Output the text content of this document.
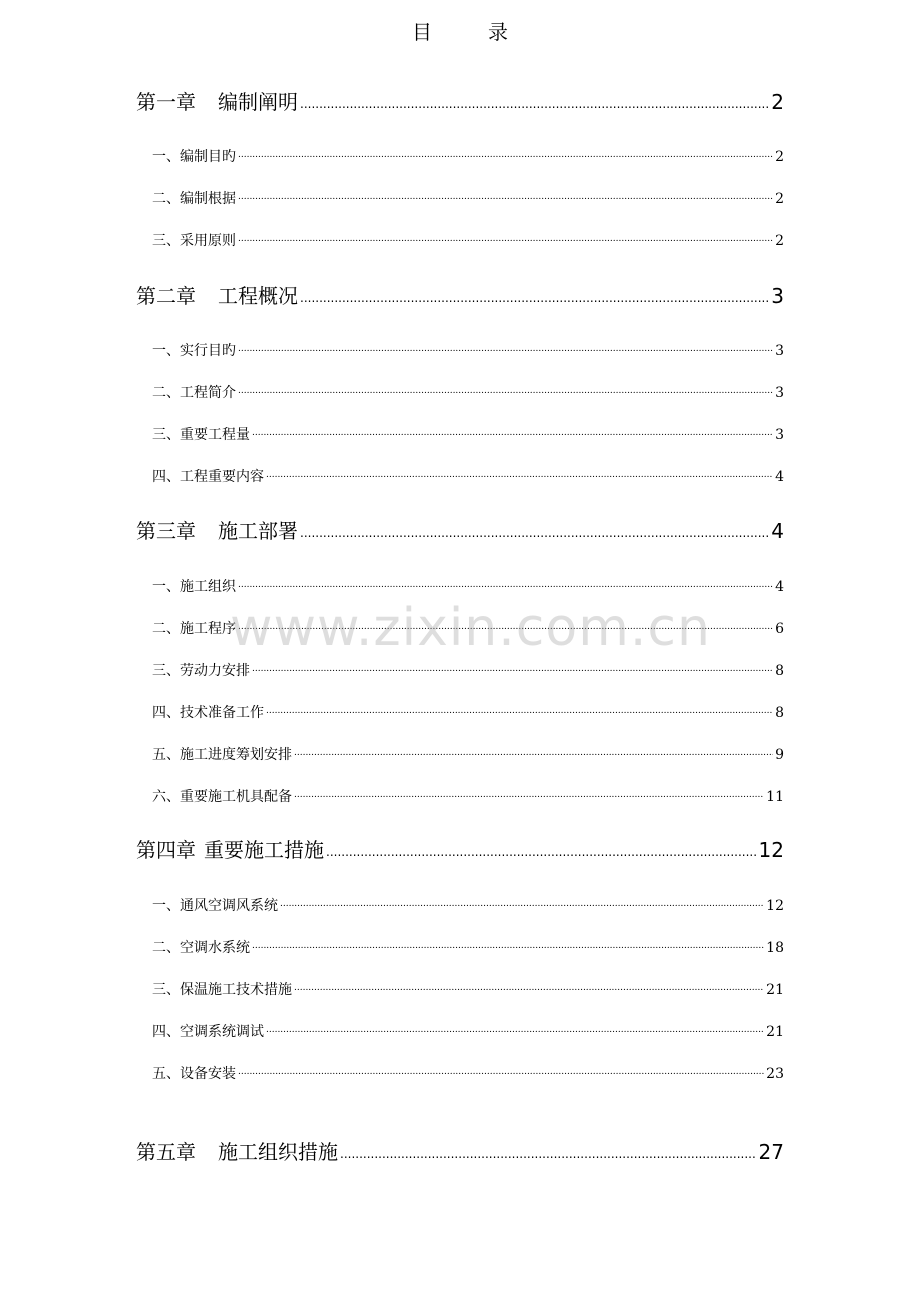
目　录
第一章 编制阐明 .....	2
一、编制目旳 .....	2
二、编制根据 .....	2
三、采用原则 .....	2
第二章 工程概况 .....	3
一、实行目旳 .....	3
二、工程简介 .....	3
三、重要工程量 .....	3
四、工程重要内容 .....	4
第三章 施工部署 .....	4
一、施工组织 .....	4
二、施工程序 .....	6
三、劳动力安排 .....	8
四、技术准备工作 .....	8
五、施工进度筹划安排 .....	9
六、重要施工机具配备 .....	11
第四章 重要施工措施 .....	12
一、通风空调风系统 .....	12
二、空调水系统 .....	18
三、保温施工技术措施 .....	21
四、空调系统调试 .....	21
五、设备安装 .....	23
第五章 施工组织措施 .....	27
www.zixin.com.cn
